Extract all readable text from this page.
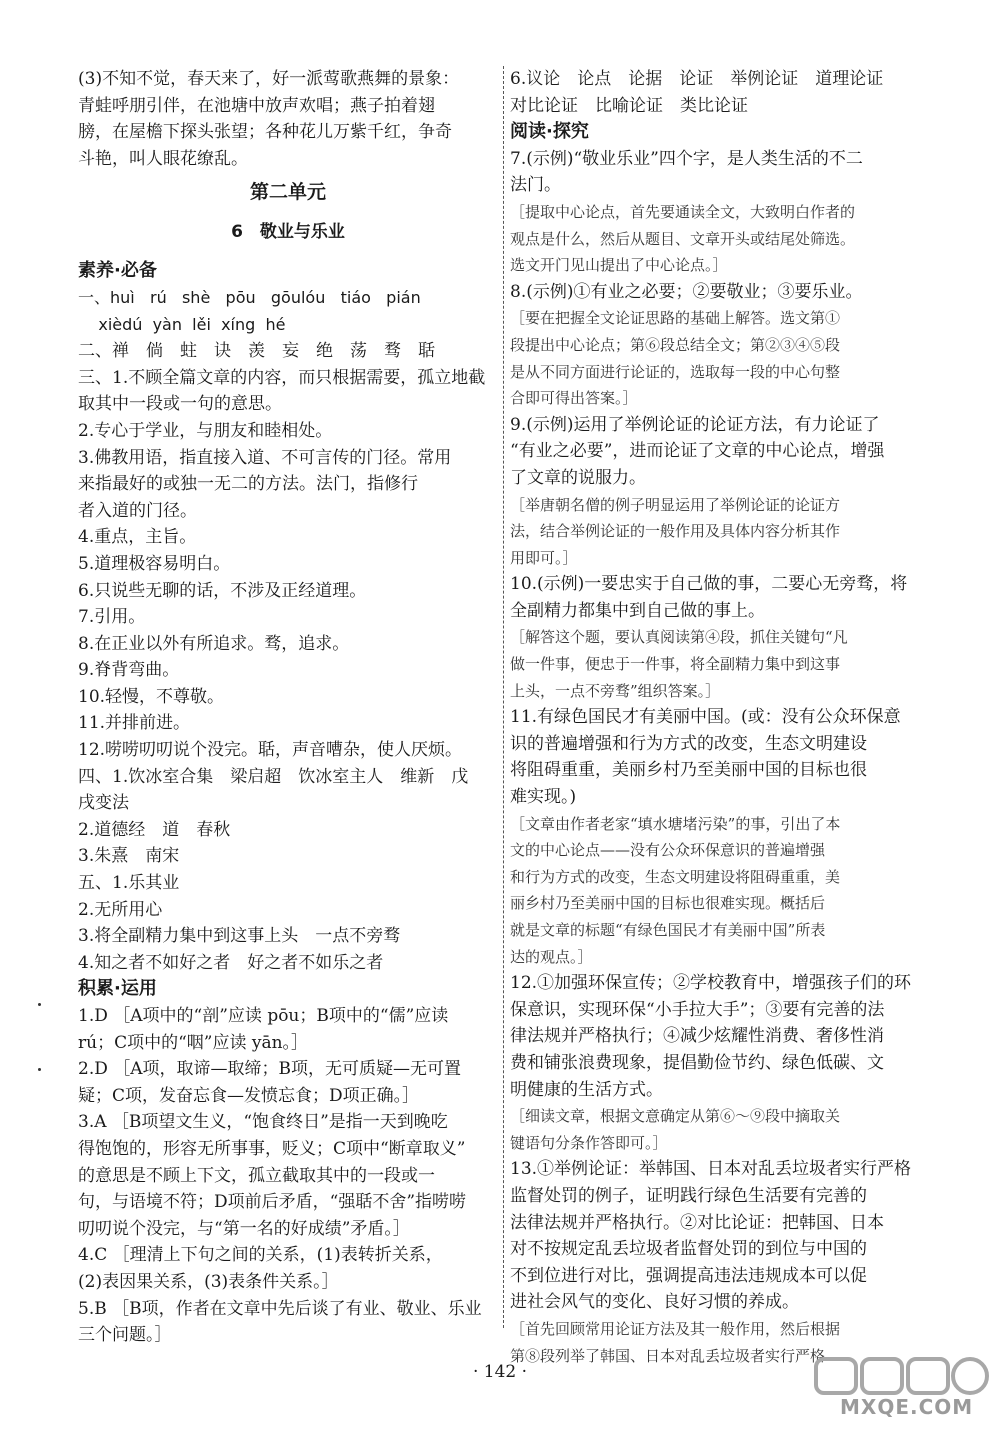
(3)不知不觉，春天来了，好一派莺歌燕舞的景象：
青蛙呼朋引伴，在池塘中放声欢唱；燕子拍着翅
膀，在屋檐下探头张望；各种花儿万紫千红，争奇
斗艳，叫人眼花缭乱。
第二单元
6　敬业与乐业
素养·必备
一、huì   rú   shè   pōu   gōulóu   tiáo   pián
xièdú  yàn  lěi  xíng  hé
二、禅　倘　蛀　诀　羡　妄　绝　荡　骛　聒
三、1.不顾全篇文章的内容，而只根据需要，孤立地截
取其中一段或一句的意思。
2.专心于学业，与朋友和睦相处。
3.佛教用语，指直接入道、不可言传的门径。常用
来指最好的或独一无二的方法。法门，指修行
者入道的门径。
4.重点，主旨。
5.道理极容易明白。
6.只说些无聊的话，不涉及正经道理。
7.引用。
8.在正业以外有所追求。骛，追求。
9.脊背弯曲。
10.轻慢，不尊敬。
11.并排前进。
12.唠唠叨叨说个没完。聒，声音嘈杂，使人厌烦。
四、1.饮冰室合集　梁启超　饮冰室主人　维新　戊
戌变法
2.道德经　道　春秋
3.朱熹　南宋
五、1.乐其业
2.无所用心
3.将全副精力集中到这事上头　一点不旁骛
4.知之者不如好之者　好之者不如乐之者
积累·运用
1.D ［A项中的“剖”应读 pōu；B项中的“儒”应读
rú；C项中的“咽”应读 yān。］
2.D ［A项，取谛—取缔；B项，无可质疑—无可置
疑；C项，发奋忘食—发愤忘食；D项正确。］
3.A ［B项望文生义，“饱食终日”是指一天到晚吃
得饱饱的，形容无所事事，贬义；C项中“断章取义”
的意思是不顾上下文，孤立截取其中的一段或一
句，与语境不符；D项前后矛盾，“强聒不舍”指唠唠
叨叨说个没完，与“第一名的好成绩”矛盾。］
4.C ［理清上下句之间的关系，(1)表转折关系，
(2)表因果关系，(3)表条件关系。］
5.B ［B项，作者在文章中先后谈了有业、敬业、乐业
三个问题。］
6.议论　论点　论据　论证　举例论证　道理论证
对比论证　比喻论证　类比论证
阅读·探究
7.(示例)“敬业乐业”四个字，是人类生活的不二
法门。
［提取中心论点，首先要通读全文，大致明白作者的
观点是什么，然后从题目、文章开头或结尾处筛选。
选文开门见山提出了中心论点。］
8.(示例)①有业之必要；②要敬业；③要乐业。
［要在把握全文论证思路的基础上解答。选文第①
段提出中心论点；第⑥段总结全文；第②③④⑤段
是从不同方面进行论证的，选取每一段的中心句整
合即可得出答案。］
9.(示例)运用了举例论证的论证方法，有力论证了
“有业之必要”，进而论证了文章的中心论点，增强
了文章的说服力。
［举唐朝名僧的例子明显运用了举例论证的论证方
法，结合举例论证的一般作用及具体内容分析其作
用即可。］
10.(示例)一要忠实于自己做的事，二要心无旁骛，将
全副精力都集中到自己做的事上。
［解答这个题，要认真阅读第④段，抓住关键句“凡
做一件事，便忠于一件事，将全副精力集中到这事
上头，一点不旁骛”组织答案。］
11.有绿色国民才有美丽中国。(或：没有公众环保意
识的普遍增强和行为方式的改变，生态文明建设
将阻碍重重，美丽乡村乃至美丽中国的目标也很
难实现。)
［文章由作者老家“填水塘堵污染”的事，引出了本
文的中心论点——没有公众环保意识的普遍增强
和行为方式的改变，生态文明建设将阻碍重重，美
丽乡村乃至美丽中国的目标也很难实现。概括后
就是文章的标题“有绿色国民才有美丽中国”所表
达的观点。］
12.①加强环保宣传；②学校教育中，增强孩子们的环
保意识，实现环保“小手拉大手”；③要有完善的法
律法规并严格执行；④减少炫耀性消费、奢侈性消
费和铺张浪费现象，提倡勤俭节约、绿色低碳、文
明健康的生活方式。
［细读文章，根据文意确定从第⑥～⑨段中摘取关
键语句分条作答即可。］
13.①举例论证：举韩国、日本对乱丢垃圾者实行严格
监督处罚的例子，证明践行绿色生活要有完善的
法律法规并严格执行。②对比论证：把韩国、日本
对不按规定乱丢垃圾者监督处罚的到位与中国的
不到位进行对比，强调提高违法违规成本可以促
进社会风气的变化、良好习惯的养成。
［首先回顾常用论证方法及其一般作用，然后根据
第⑧段列举了韩国、日本对乱丢垃圾者实行严格
· 142 ·
MXQE.COM
